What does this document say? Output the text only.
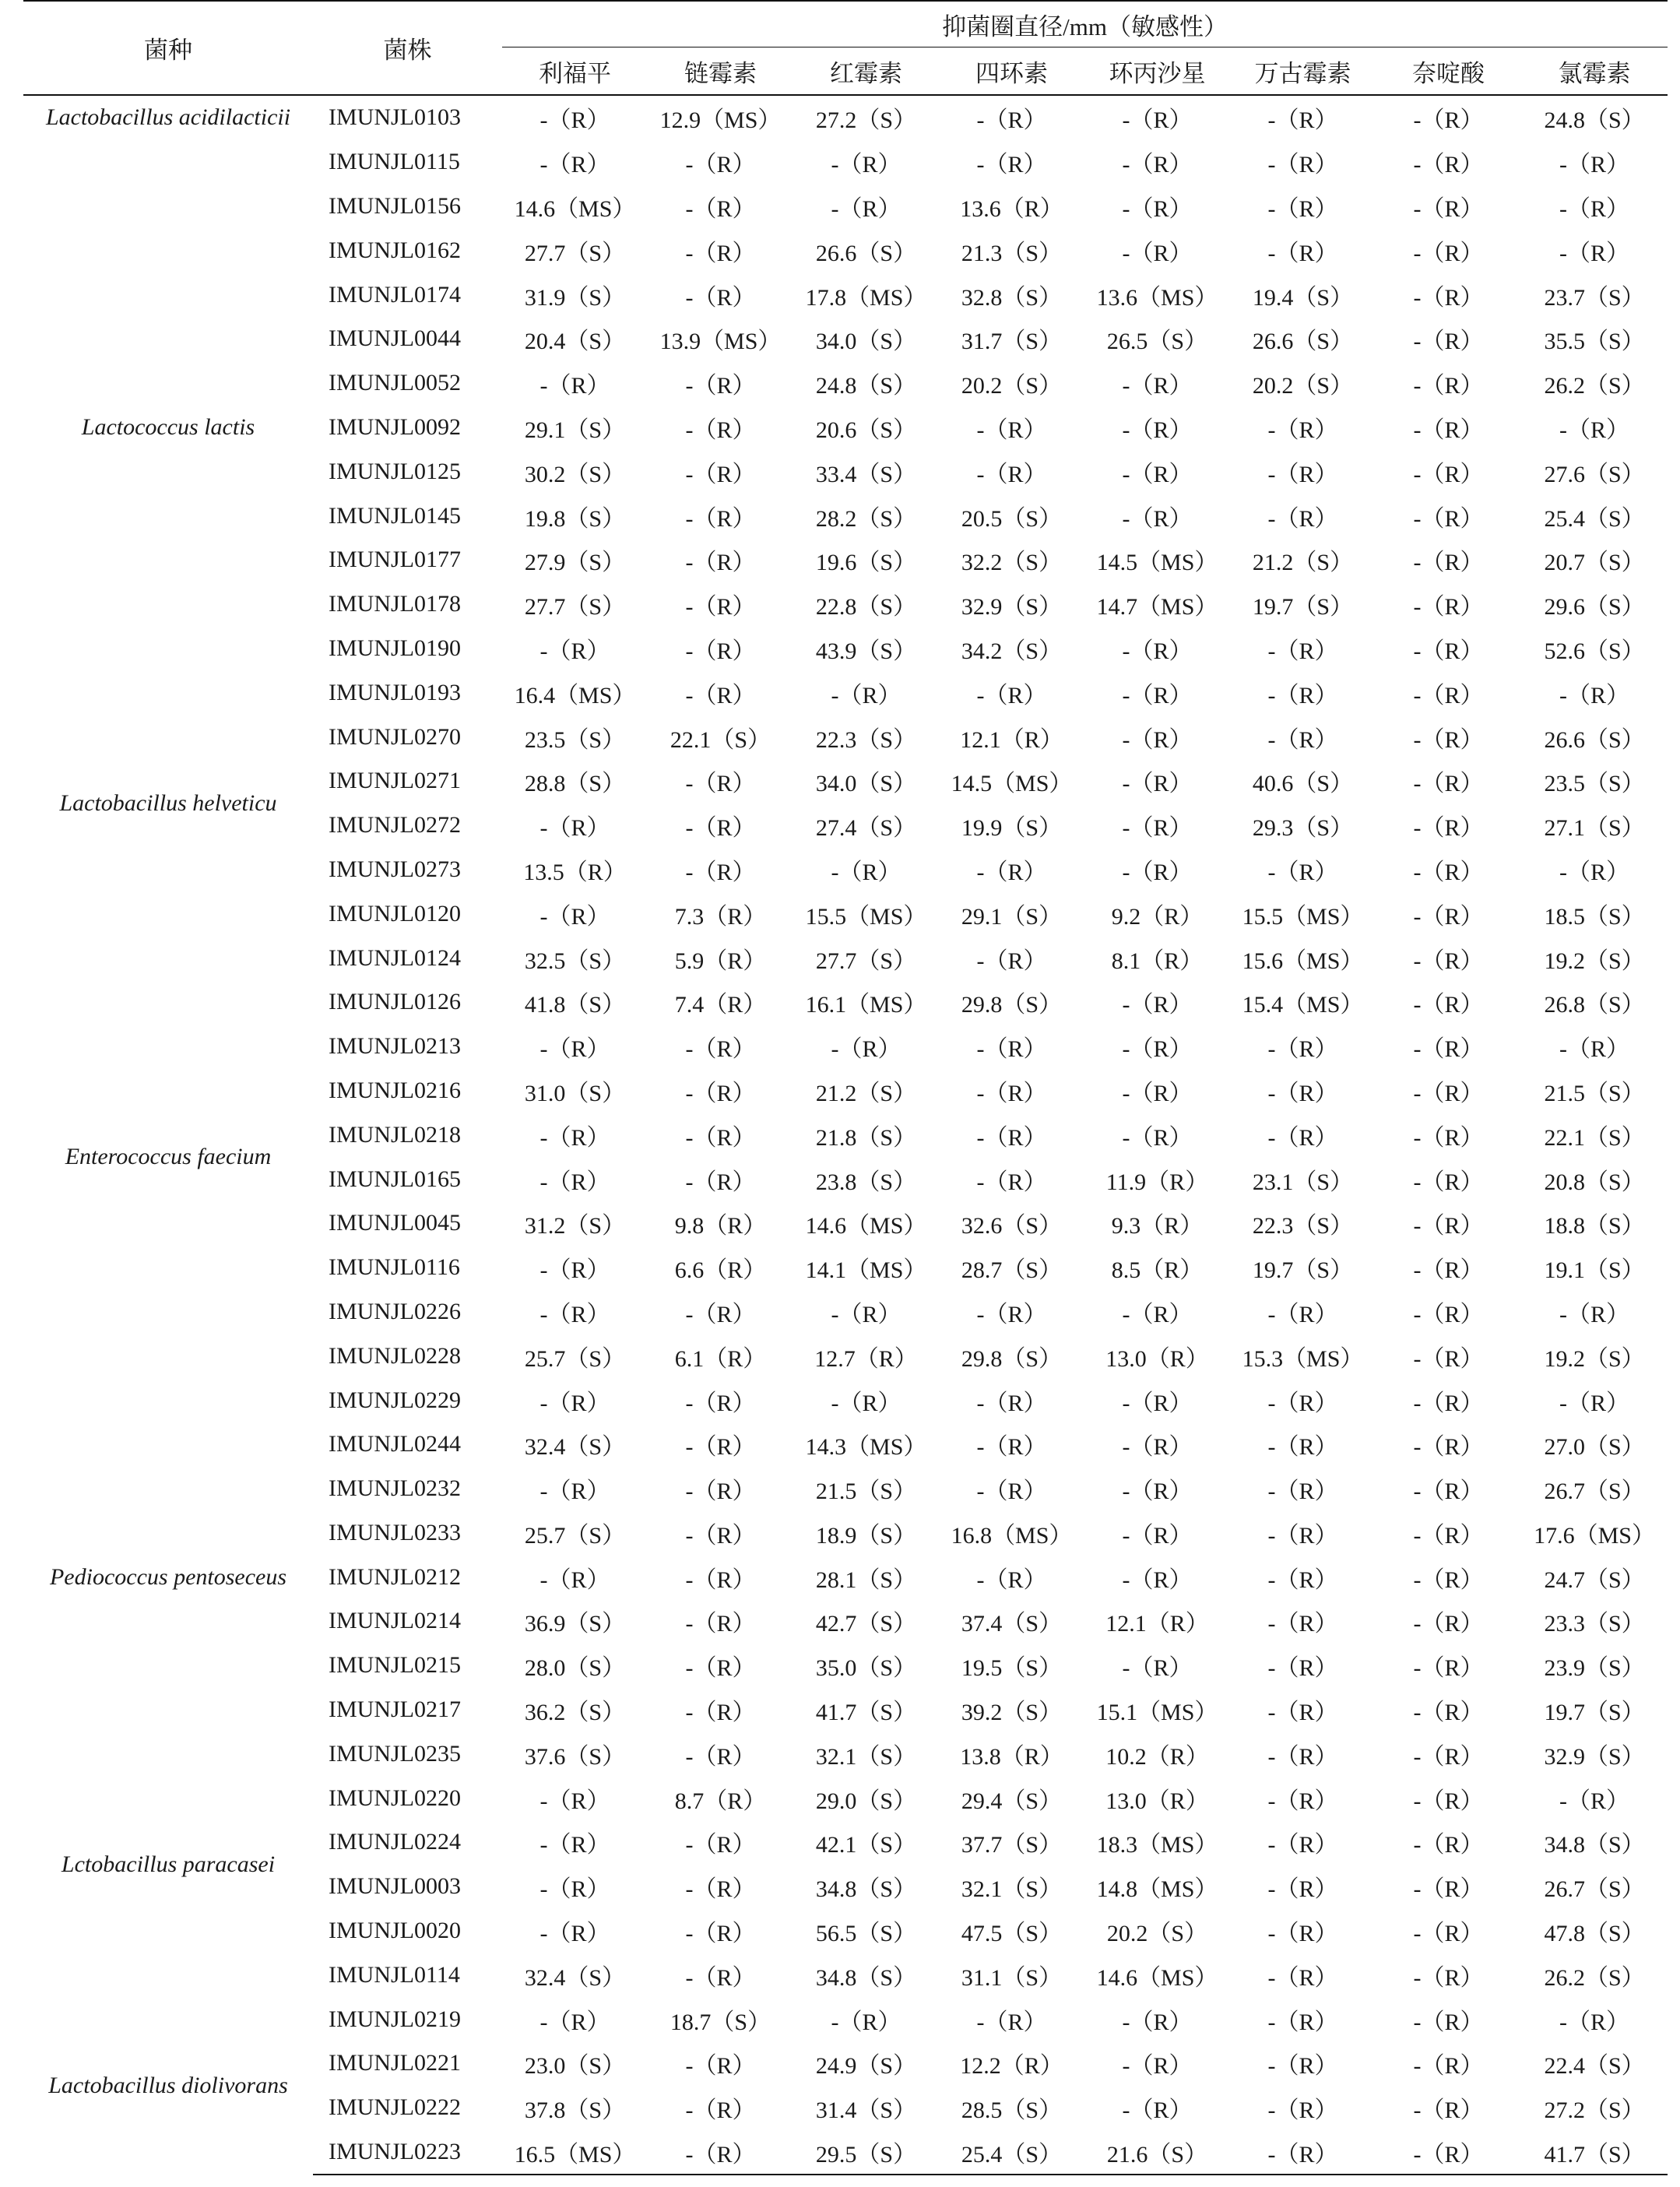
菌种	菌株	抑菌圈直径/mm（敏感性）							
		利福平	链霉素	红霉素	四环素	环丙沙星	万古霉素	奈啶酸	氯霉素
Lactobacillus acidilacticii	IMUNJL0103	-（R）	12.9（MS）	27.2（S）	-（R）	-（R）	-（R）	-（R）	24.8（S）
Lactococcus lactis	IMUNJL0115	-（R）	-（R）	-（R）	-（R）	-（R）	-（R）	-（R）	-（R）
	IMUNJL0156	14.6（MS）	-（R）	-（R）	13.6（R）	-（R）	-（R）	-（R）	-（R）
	IMUNJL0162	27.7（S）	-（R）	26.6（S）	21.3（S）	-（R）	-（R）	-（R）	-（R）
	IMUNJL0174	31.9（S）	-（R）	17.8（MS）	32.8（S）	13.6（MS）	19.4（S）	-（R）	23.7（S）
	IMUNJL0044	20.4（S）	13.9（MS）	34.0（S）	31.7（S）	26.5（S）	26.6（S）	-（R）	35.5（S）
	IMUNJL0052	-（R）	-（R）	24.8（S）	20.2（S）	-（R）	20.2（S）	-（R）	26.2（S）
	IMUNJL0092	29.1（S）	-（R）	20.6（S）	-（R）	-（R）	-（R）	-（R）	-（R）
	IMUNJL0125	30.2（S）	-（R）	33.4（S）	-（R）	-（R）	-（R）	-（R）	27.6（S）
	IMUNJL0145	19.8（S）	-（R）	28.2（S）	20.5（S）	-（R）	-（R）	-（R）	25.4（S）
	IMUNJL0177	27.9（S）	-（R）	19.6（S）	32.2（S）	14.5（MS）	21.2（S）	-（R）	20.7（S）
	IMUNJL0178	27.7（S）	-（R）	22.8（S）	32.9（S）	14.7（MS）	19.7（S）	-（R）	29.6（S）
	IMUNJL0190	-（R）	-（R）	43.9（S）	34.2（S）	-（R）	-（R）	-（R）	52.6（S）
	IMUNJL0193	16.4（MS）	-（R）	-（R）	-（R）	-（R）	-（R）	-（R）	-（R）
Lactobacillus helveticu	IMUNJL0270	23.5（S）	22.1（S）	22.3（S）	12.1（R）	-（R）	-（R）	-（R）	26.6（S）
	IMUNJL0271	28.8（S）	-（R）	34.0（S）	14.5（MS）	-（R）	40.6（S）	-（R）	23.5（S）
	IMUNJL0272	-（R）	-（R）	27.4（S）	19.9（S）	-（R）	29.3（S）	-（R）	27.1（S）
	IMUNJL0273	13.5（R）	-（R）	-（R）	-（R）	-（R）	-（R）	-（R）	-（R）
Enterococcus faecium	IMUNJL0120	-（R）	7.3（R）	15.5（MS）	29.1（S）	9.2（R）	15.5（MS）	-（R）	18.5（S）
	IMUNJL0124	32.5（S）	5.9（R）	27.7（S）	-（R）	8.1（R）	15.6（MS）	-（R）	19.2（S）
	IMUNJL0126	41.8（S）	7.4（R）	16.1（MS）	29.8（S）	-（R）	15.4（MS）	-（R）	26.8（S）
	IMUNJL0213	-（R）	-（R）	-（R）	-（R）	-（R）	-（R）	-（R）	-（R）
	IMUNJL0216	31.0（S）	-（R）	21.2（S）	-（R）	-（R）	-（R）	-（R）	21.5（S）
	IMUNJL0218	-（R）	-（R）	21.8（S）	-（R）	-（R）	-（R）	-（R）	22.1（S）
	IMUNJL0165	-（R）	-（R）	23.8（S）	-（R）	11.9（R）	23.1（S）	-（R）	20.8（S）
	IMUNJL0045	31.2（S）	9.8（R）	14.6（MS）	32.6（S）	9.3（R）	22.3（S）	-（R）	18.8（S）
	IMUNJL0116	-（R）	6.6（R）	14.1（MS）	28.7（S）	8.5（R）	19.7（S）	-（R）	19.1（S）
	IMUNJL0226	-（R）	-（R）	-（R）	-（R）	-（R）	-（R）	-（R）	-（R）
	IMUNJL0228	25.7（S）	6.1（R）	12.7（R）	29.8（S）	13.0（R）	15.3（MS）	-（R）	19.2（S）
	IMUNJL0229	-（R）	-（R）	-（R）	-（R）	-（R）	-（R）	-（R）	-（R）
Pediococcus pentoseceus	IMUNJL0244	32.4（S）	-（R）	14.3（MS）	-（R）	-（R）	-（R）	-（R）	27.0（S）
	IMUNJL0232	-（R）	-（R）	21.5（S）	-（R）	-（R）	-（R）	-（R）	26.7（S）
	IMUNJL0233	25.7（S）	-（R）	18.9（S）	16.8（MS）	-（R）	-（R）	-（R）	17.6（MS）
	IMUNJL0212	-（R）	-（R）	28.1（S）	-（R）	-（R）	-（R）	-（R）	24.7（S）
	IMUNJL0214	36.9（S）	-（R）	42.7（S）	37.4（S）	12.1（R）	-（R）	-（R）	23.3（S）
	IMUNJL0215	28.0（S）	-（R）	35.0（S）	19.5（S）	-（R）	-（R）	-（R）	23.9（S）
	IMUNJL0217	36.2（S）	-（R）	41.7（S）	39.2（S）	15.1（MS）	-（R）	-（R）	19.7（S）
Lctobacillus paracasei	IMUNJL0235	37.6（S）	-（R）	32.1（S）	13.8（R）	10.2（R）	-（R）	-（R）	32.9（S）
	IMUNJL0220	-（R）	8.7（R）	29.0（S）	29.4（S）	13.0（R）	-（R）	-（R）	-（R）
	IMUNJL0224	-（R）	-（R）	42.1（S）	37.7（S）	18.3（MS）	-（R）	-（R）	34.8（S）
	IMUNJL0003	-（R）	-（R）	34.8（S）	32.1（S）	14.8（MS）	-（R）	-（R）	26.7（S）
	IMUNJL0020	-（R）	-（R）	56.5（S）	47.5（S）	20.2（S）	-（R）	-（R）	47.8（S）
	IMUNJL0114	32.4（S）	-（R）	34.8（S）	31.1（S）	14.6（MS）	-（R）	-（R）	26.2（S）
Lactobacillus diolivorans	IMUNJL0219	-（R）	18.7（S）	-（R）	-（R）	-（R）	-（R）	-（R）	-（R）
	IMUNJL0221	23.0（S）	-（R）	24.9（S）	12.2（R）	-（R）	-（R）	-（R）	22.4（S）
	IMUNJL0222	37.8（S）	-（R）	31.4（S）	28.5（S）	-（R）	-（R）	-（R）	27.2（S）
	IMUNJL0223	16.5（MS）	-（R）	29.5（S）	25.4（S）	21.6（S）	-（R）	-（R）	41.7（S）
